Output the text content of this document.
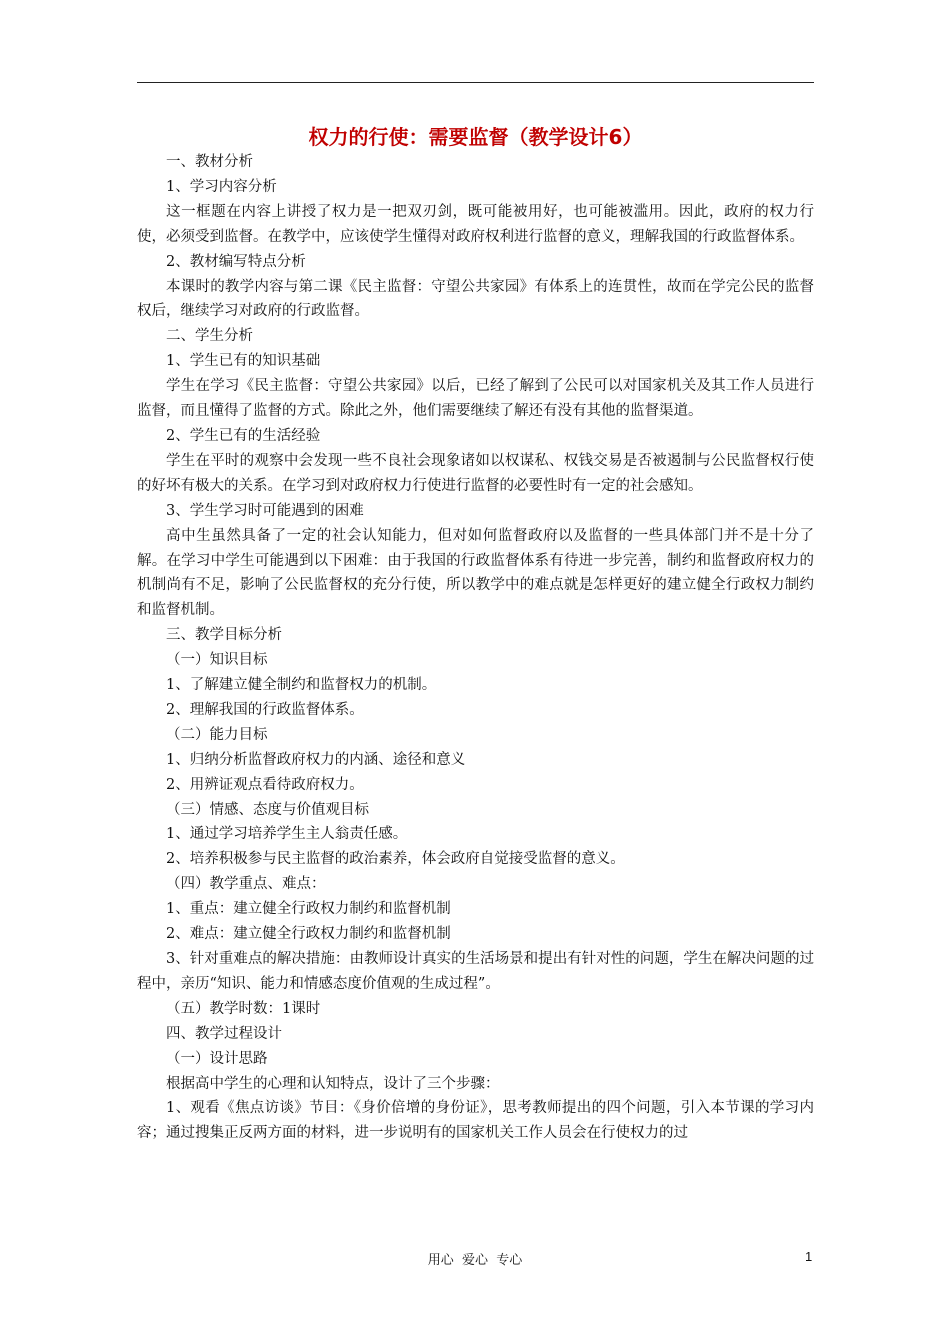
权力的行使：需要监督（教学设计6）

一、教材分析

1、学习内容分析

这一框题在内容上讲授了权力是一把双刃剑，既可能被用好，也可能被滥用。因此，政府的权力行使，必须受到监督。在教学中，应该使学生懂得对政府权利进行监督的意义，理解我国的行政监督体系。

2、教材编写特点分析

本课时的教学内容与第二课《民主监督：守望公共家园》有体系上的连贯性，故而在学完公民的监督权后，继续学习对政府的行政监督。

二、学生分析

1、学生已有的知识基础

学生在学习《民主监督：守望公共家园》以后，已经了解到了公民可以对国家机关及其工作人员进行监督，而且懂得了监督的方式。除此之外，他们需要继续了解还有没有其他的监督渠道。

2、学生已有的生活经验

学生在平时的观察中会发现一些不良社会现象诸如以权谋私、权钱交易是否被遏制与公民监督权行使的好坏有极大的关系。在学习到对政府权力行使进行监督的必要性时有一定的社会感知。

3、学生学习时可能遇到的困难

高中生虽然具备了一定的社会认知能力，但对如何监督政府以及监督的一些具体部门并不是十分了解。在学习中学生可能遇到以下困难：由于我国的行政监督体系有待进一步完善，制约和监督政府权力的机制尚有不足，影响了公民监督权的充分行使，所以教学中的难点就是怎样更好的建立健全行政权力制约和监督机制。

三、教学目标分析

（一）知识目标

1、了解建立健全制约和监督权力的机制。

2、理解我国的行政监督体系。

（二）能力目标

1、归纳分析监督政府权力的内涵、途径和意义

2、用辨证观点看待政府权力。

（三）情感、态度与价值观目标

1、通过学习培养学生主人翁责任感。

2、培养积极参与民主监督的政治素养，体会政府自觉接受监督的意义。

（四）教学重点、难点：

1、重点：建立健全行政权力制约和监督机制

2、难点：建立健全行政权力制约和监督机制

3、针对重难点的解决措施：由教师设计真实的生活场景和提出有针对性的问题，学生在解决问题的过程中，亲历“知识、能力和情感态度价值观的生成过程”。

（五）教学时数：1课时

四、教学过程设计

（一）设计思路

根据高中学生的心理和认知特点，设计了三个步骤：

1、观看《焦点访谈》节目：《身价倍增的身份证》，思考教师提出的四个问题，引入本节课的学习内容；通过搜集正反两方面的材料，进一步说明有的国家机关工作人员会在行使权力的过

用心  爱心  专心	1
